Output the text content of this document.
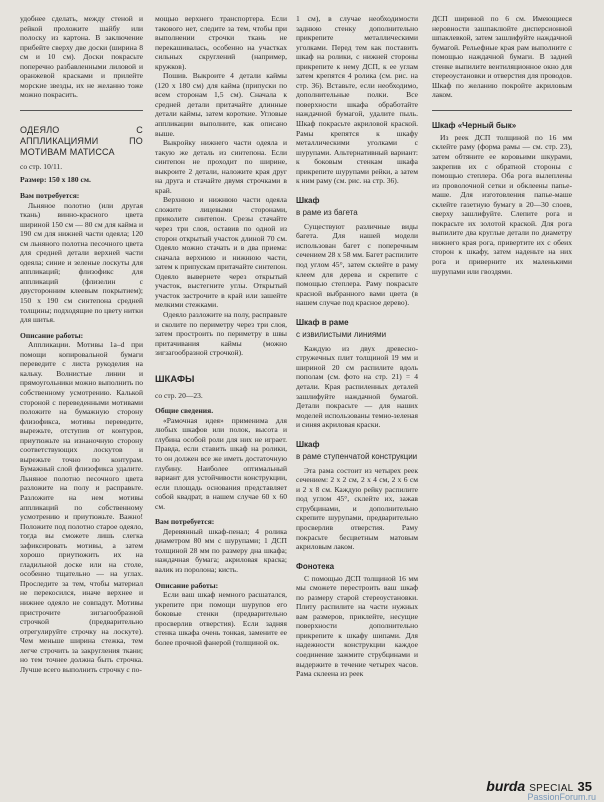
удобнее сделать, между стеной и рейкой проложите шайбу или полоску из картона. В заключение прибейте сверху две доски (ширина 8 см и 10 см). Доски покрасьте поперечно разбавленными лиловой и оранжевой красками и прилейте морские звезды, их не желанно тоже можно покрасить.

ОДЕЯЛО С АППЛИКАЦИЯМИ ПО МОТИВАМ МАТИССА

со стр. 10/11.

Размер: 150 x 180 см.

Вам потребуется:

Льняное полотно (или другая ткань) винно-красного цвета шириной 150 см — 80 см для кайма и 190 см для нижней части одеяла; 120 см льняного полотна песочного цвета для средней детали верхней части одеяла; синие и зеленые лоскуты для аппликаций; флизофикс для аппликаций (флизелин с двусторонним клеевым покрытием); 150 х 190 см синтепона средней толщины; подходящие по цвету нитки для шитья.

Описание работы:

Аппликации. Мотивы 1а–d при помощи копировальной бумаги переведите с листа рукоделия на кальку. Волнистые линии и прямоугольники можно выполнить по собственному усмотрению. Калькой стороной с переведенными мотивами положите на бумажную сторону флизофикса, мотивы переведите, вырежьте, отступив от контуров, приутюжьте на изнаночную сторону соответствующих лоскутов и вырежьте точно по контурам. Бумажный слой флизофикса удалите. Льняное полотно песочного цвета разложите на полу и расправьте. Разложите на нем мотивы аппликаций по собственному усмотрению и приутюжьте. Важно! Положите под полотно старое одеяло, тогда вы сможете лишь слегка зафиксировать мотивы, а затем хорошо приутюжить их на гладильной доске или на столе, особенно тщательно — на углах. Проследите за тем, чтобы материал не перекосился, иначе верхнее и нижнее одеяло не совпадут. Мотивы пристрочите зигзагообразной строчкой (предварительно отрегулируйте строчку на лоскуте). Чем меньше ширина стежка, тем легче строчить за закругления ткани; но тем точнее должна быть строчка. Лучше всего выполнить строчку с по-

мощью верхнего транспортера. Если такового нет, следите за тем, чтобы при выполнении строчки ткань не перекашивалась, особенно на участках сильных скруглений (например, кружков).

Пошив. Выкроите 4 детали каймы (120 х 180 см) для кайма (припуски по всем сторонам 1,5 см). Сначала к средней детали притачайте длинные детали каймы, затем короткие. Угловые аппликации выполните, как описано выше.

Выкройку нижнего части одеяла и такую же деталь из синтепона. Если синтепон не проходит по ширине, выкроите 2 детали, наложите края друг на друга и стачайте двумя строчками в край.

Верхнюю и нижнюю части одеяла сложите лицевыми сторонами, приколите синтепон. Срезы стачайте через три слоя, оставив по одной из сторон открытый участок длиной 70 см. Одеяло можно стачать и в два приема: сначала верхнюю и нижнюю части, затем к припускам притачайте синтепон. Одеяло вывернете через открытый участок, выстегните углы. Открытый участок застрочите в край или зашейте мелкими стежками.

Одеяло разложите на полу, расправьте и сколите по периметру через три слоя, затем простроить по периметру в швы притачивания каймы (можно зигзагообразной строчкой).

ШКАФЫ

со стр. 20—23.

Общие сведения.

«Рамочная идея» применима для любых шкафов или полок, высота и глубина особой роли для них не играет. Правда, если ставить шкаф на ролики, то он должен все же иметь достаточную глубину. Наиболее оптимальный вариант для устойчивости конструкции, если площадь основания представляет собой квадрат, в нашем случае 60 х 60 см.

Вам потребуется:

Деревянный шкаф-пенал; 4 ролика диаметром 80 мм с шурупами; 1 ДСП толщиной 28 мм по размеру дна шкафа; наждачная бумага; акриловая краска; валик из поролона; кисть.

Описание работы:

Если ваш шкаф немного расшатался, укрепите при помощи шурупов его боковые стенки (предварительно просверлив отверстия). Если задняя стенка шкафа очень тонкая, замените ее более прочной фанерой (толщиной ок.

1 см), в случае необходимости заднюю стенку дополнительно прикрепите металлическими уголками. Перед тем как поставить шкаф на ролики, с нижней стороны прикрепите к нему ДСП, к ее углам затем крепятся 4 ролика (см. рис. на стр. 36). Вставьте, если необходимо, дополнительные полки. Все поверхности шкафа обработайте наждачной бумагой, удалите пыль. Шкаф покрасьте акриловой краской. Рамы крепятся к шкафу металлическими уголками с шурупами. Альтернативный вариант: к боковым стенкам шкафа прикрепите шурупами рейки, а затем к ним раму (см. рис. на стр. 36).

Шкаф
в раме из багета

Существуют различные виды багета. Для нашей модели использован багет с поперечным сечением 28 х 58 мм. Багет распилите под углом 45°, затем склейте в раму клеем для дерева и скрепите с помощью степлера. Раму покрасьте красной выбранного вами цвета (в нашем случае под красное дерево).

Шкаф в раме
с извилистыми линиями

Каждую из двух древесно-стружечных плит толщиной 19 мм и шириной 20 см распилите вдоль пополам (см. фото на стр. 21) = 4 детали. Края распиленных деталей зашлифуйте наждачной бумагой. Детали покрасьте — для наших моделей использованы темно-зеленая и синяя акриловая краски.

Шкаф
в раме ступенчатой конструкции

Эта рама состоит из четырех реек сечением: 2 х 2 см, 2 х 4 см, 2 х 6 см и 2 х 8 см. Каждую рейку распилите под углом 45°, склейте их, зажав струбцинами, и дополнительно скрепите шурупами, предварительно просверлив отверстия. Раму покрасьте бесцветным матовым акриловым лаком.

Фонотека

С помощью ДСП толщиной 16 мм мы сможете перестроить ваш шкаф по размеру старой стереоустановки. Плиту распилите на части нужных вам размеров, приклейте, несущие поверхности дополнительно прикрепите к шкафу шипами. Для надежности конструкции каждое соединение зажмите струбцинами и выдержите в течение четырех часов. Рама склеена из реек

ДСП шириной по 6 см. Имеющиеся неровности зашпаклюйте дисперсионной шпаклевкой, затем зашлифуйте наждачной бумагой. Рельефные края рам выполните с помощью наждачной бумаги. В задней стенке выпилите вентиляционное окно для стереоустановки и отверстия для проводов. Шкаф по желанию покройте акриловым лаком.

Шкаф «Черный бык»

Из реек ДСП толщиной по 16 мм склейте раму (форма рамы — см. стр. 23), затем обтяните ее коровьими шкурами, закрепив их с обратной стороны с помощью степлера. Оба рога вылеплены из проволочной сетки и обклеены папье-маше. Для изготовления папье-маше склейте газетную бумагу в 20—30 слоев, сверху зашлифуйте. Слепите рога и покрасьте их золотой краской. Для рога выпилите два круглые детали по диаметру нижнего края рога, привертите их с обеих сторон к шкафу, затем наденьте на них рога и приверните их маленькими шурупами или гвоздями.

burda SPECIAL 35
PassionForum.ru
